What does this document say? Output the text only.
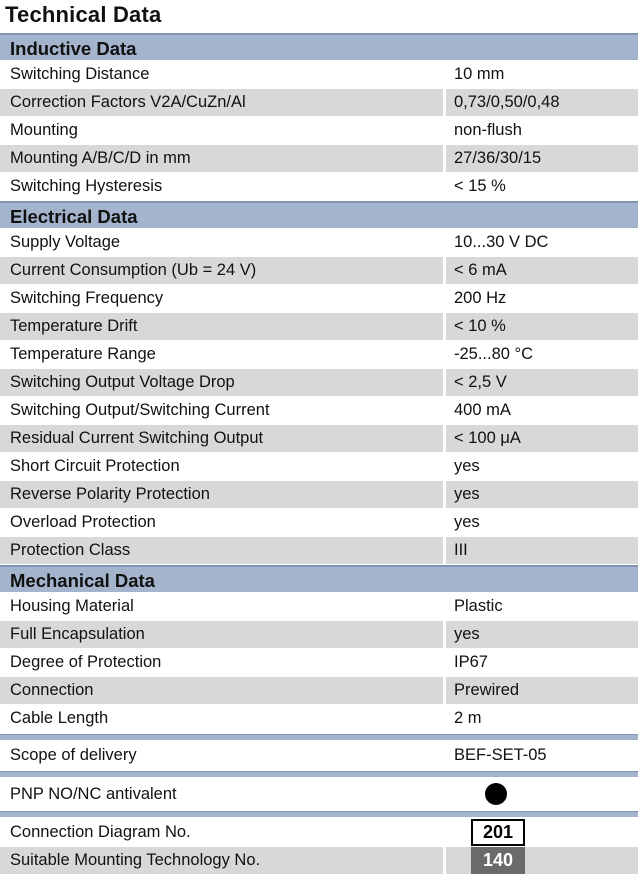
Technical Data
Inductive Data
Switching Distance	10 mm
Correction Factors V2A/CuZn/Al	0,73/0,50/0,48
Mounting	non-flush
Mounting A/B/C/D in mm	27/36/30/15
Switching Hysteresis	< 15 %
Electrical Data
Supply Voltage	10...30 V DC
Current Consumption (Ub = 24 V)	< 6 mA
Switching Frequency	200 Hz
Temperature Drift	< 10 %
Temperature Range	-25...80 °C
Switching Output Voltage Drop	< 2,5 V
Switching Output/Switching Current	400 mA
Residual Current Switching Output	< 100 μA
Short Circuit Protection	yes
Reverse Polarity Protection	yes
Overload Protection	yes
Protection Class	III
Mechanical Data
Housing Material	Plastic
Full Encapsulation	yes
Degree of Protection	IP67
Connection	Prewired
Cable Length	2 m
Scope of delivery	BEF-SET-05
PNP NO/NC antivalent
Connection Diagram No.	201
Suitable Mounting Technology No.	140
